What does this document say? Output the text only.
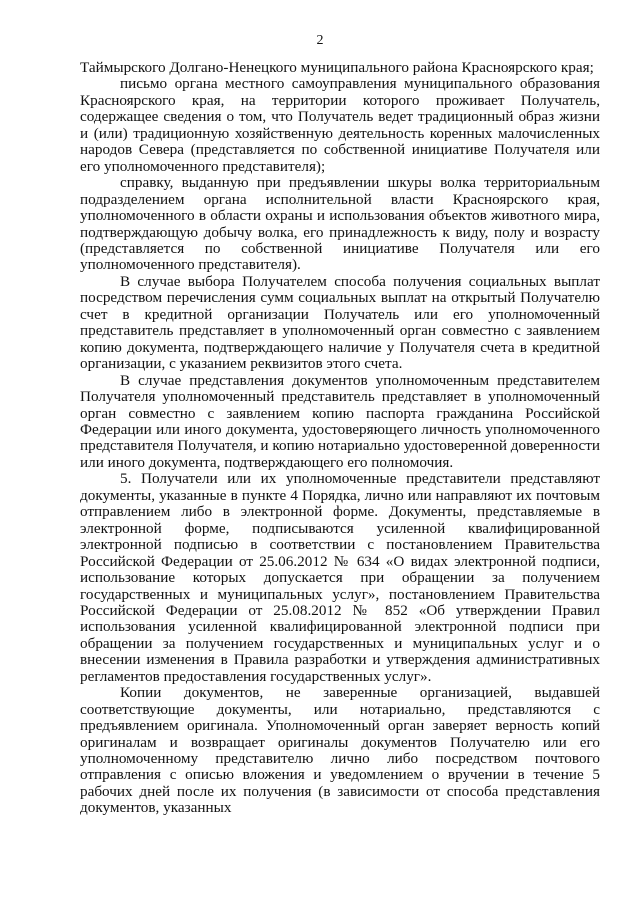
2

Таймырского Долгано-Ненецкого муниципального района Красноярского края;

письмо органа местного самоуправления муниципального образования Красноярского края, на территории которого проживает Получатель, содержащее сведения о том, что Получатель ведет традиционный образ жизни и (или) традиционную хозяйственную деятельность коренных малочисленных народов Севера (представляется по собственной инициативе Получателя или его уполномоченного представителя);

справку, выданную при предъявлении шкуры волка территориальным подразделением органа исполнительной власти Красноярского края, уполномоченного в области охраны и использования объектов животного мира, подтверждающую добычу волка, его принадлежность к виду, полу и возрасту (представляется по собственной инициативе Получателя или его уполномоченного представителя).

В случае выбора Получателем способа получения социальных выплат посредством перечисления сумм социальных выплат на открытый Получателю счет в кредитной организации Получатель или его уполномоченный представитель представляет в уполномоченный орган совместно с заявлением копию документа, подтверждающего наличие у Получателя счета в кредитной организации, с указанием реквизитов этого счета.

В случае представления документов уполномоченным представителем Получателя уполномоченный представитель представляет в уполномоченный орган совместно с заявлением копию паспорта гражданина Российской Федерации или иного документа, удостоверяющего личность уполномоченного представителя Получателя, и копию нотариально удостоверенной доверенности или иного документа, подтверждающего его полномочия.

5. Получатели или их уполномоченные представители представляют документы, указанные в пункте 4 Порядка, лично или направляют их почтовым отправлением либо в электронной форме. Документы, представляемые в электронной форме, подписываются усиленной квалифицированной электронной подписью в соответствии с постановлением Правительства Российской Федерации от 25.06.2012 № 634 «О видах электронной подписи, использование которых допускается при обращении за получением государственных и муниципальных услуг», постановлением Правительства Российской Федерации от 25.08.2012 № 852 «Об утверждении Правил использования усиленной квалифицированной электронной подписи при обращении за получением государственных и муниципальных услуг и о внесении изменения в Правила разработки и утверждения административных регламентов предоставления государственных услуг».

Копии документов, не заверенные организацией, выдавшей соответствующие документы, или нотариально, представляются с предъявлением оригинала. Уполномоченный орган заверяет верность копий оригиналам и возвращает оригиналы документов Получателю или его уполномоченному представителю лично либо посредством почтового отправления с описью вложения и уведомлением о вручении в течение 5 рабочих дней после их получения (в зависимости от способа представления документов, указанных
